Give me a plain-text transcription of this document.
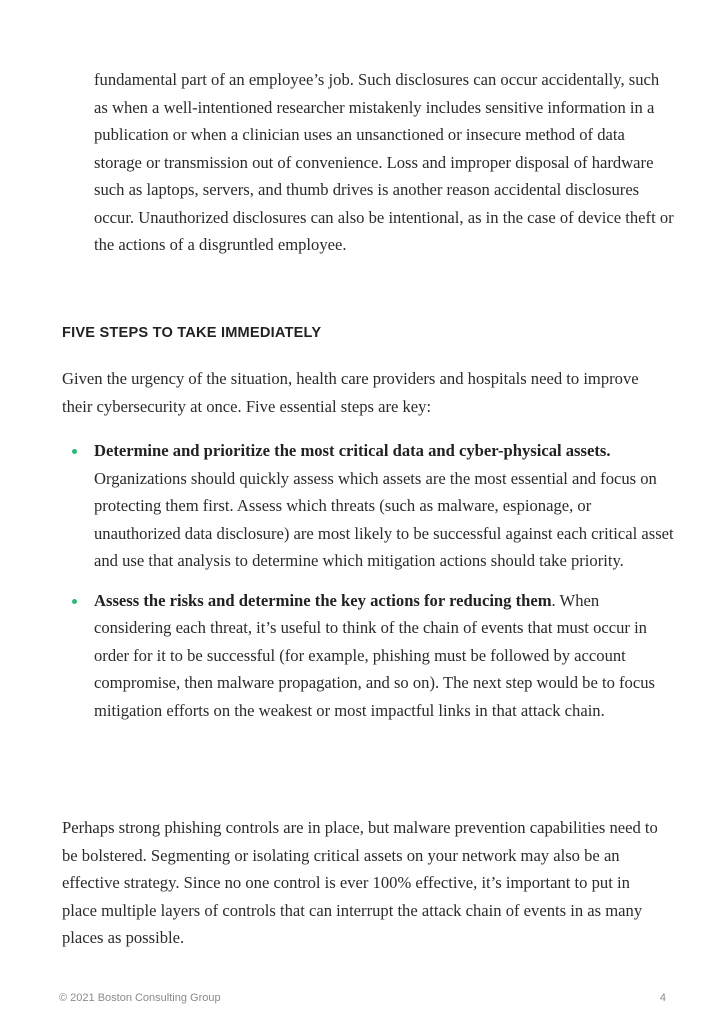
fundamental part of an employee’s job. Such disclosures can occur accidentally, such as when a well-intentioned researcher mistakenly includes sensitive information in a publication or when a clinician uses an unsanctioned or insecure method of data storage or transmission out of convenience. Loss and improper disposal of hardware such as laptops, servers, and thumb drives is another reason accidental disclosures occur. Unauthorized disclosures can also be intentional, as in the case of device theft or the actions of a disgruntled employee.

FIVE STEPS TO TAKE IMMEDIATELY

Given the urgency of the situation, health care providers and hospitals need to improve their cybersecurity at once. Five essential steps are key:

Determine and prioritize the most critical data and cyber-physical assets. Organizations should quickly assess which assets are the most essential and focus on protecting them first. Assess which threats (such as malware, espionage, or unauthorized data disclosure) are most likely to be successful against each critical asset and use that analysis to determine which mitigation actions should take priority.
Assess the risks and determine the key actions for reducing them. When considering each threat, it’s useful to think of the chain of events that must occur in order for it to be successful (for example, phishing must be followed by account compromise, then malware propagation, and so on). The next step would be to focus mitigation efforts on the weakest or most impactful links in that attack chain.

Perhaps strong phishing controls are in place, but malware prevention capabilities need to be bolstered. Segmenting or isolating critical assets on your network may also be an effective strategy. Since no one control is ever 100% effective, it’s important to put in place multiple layers of controls that can interrupt the attack chain of events in as many places as possible.

© 2021 Boston Consulting Group	4
